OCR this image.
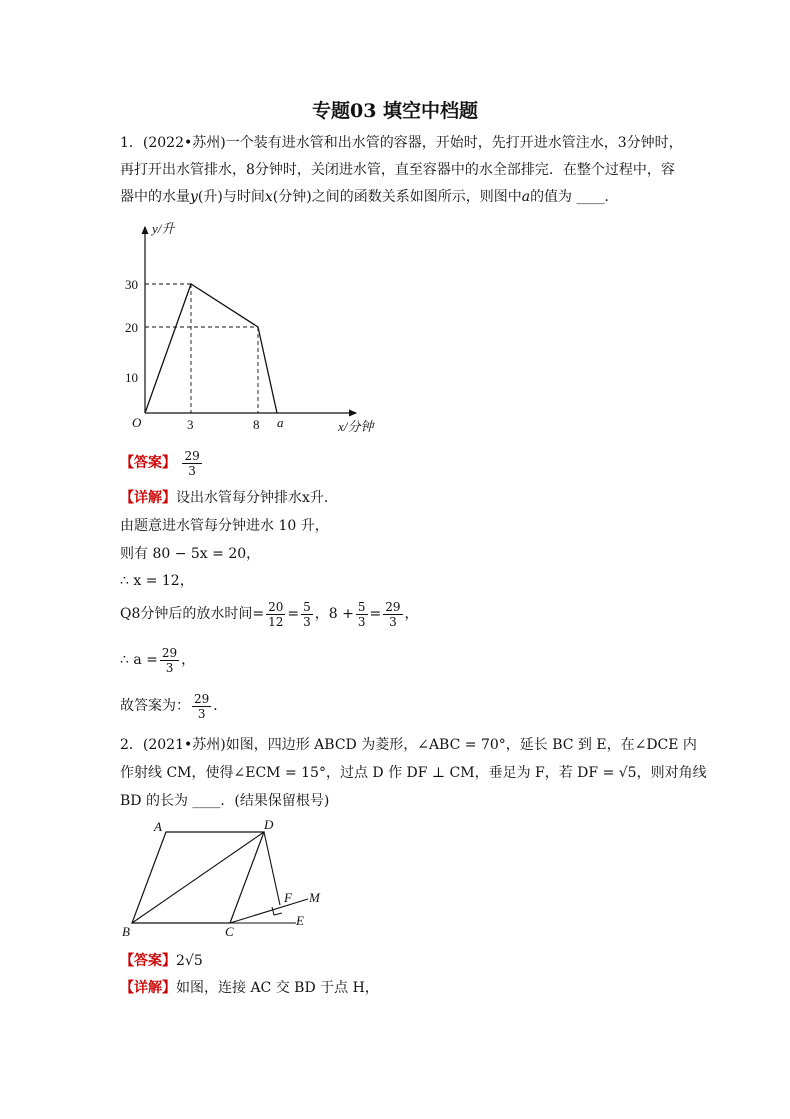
专题03 填空中档题
1．(2022•苏州)一个装有进水管和出水管的容器，开始时，先打开进水管注水，3分钟时，
再打开出水管排水，8分钟时，关闭进水管，直至容器中的水全部排完．在整个过程中，容
器中的水量y(升)与时间x(分钟)之间的函数关系如图所示，则图中a的值为 ____．
y/升
x/分钟
O
30
20
10
3	8 a
【答案】 $\frac{29}{3}$
【详解】设出水管每分钟排水x升．
由题意进水管每分钟进水 10 升，
则有 80 − 5x = 20，
∴ x = 12，
Q8分钟后的放水时间= $\frac{20}{12} = \frac{5}{3}$ ，$8 + \frac{5}{3} = \frac{29}{3}$ ，
∴ $a = \frac{29}{3}$ ，
故答案为： $\frac{29}{3}$ ．
2．(2021•苏州)如图，四边形 ABCD 为菱形，∠ABC = 70°，延长 BC 到 E，在∠DCE 内
作射线 CM，使得∠ECM = 15°，过点 D 作 DF ⊥ CM，垂足为 F，若 DF = √5，则对角线
BD 的长为 ____．(结果保留根号)
A	D
B	C
E
F M
【答案】2√5
【详解】如图，连接 AC 交 BD 于点 H，
